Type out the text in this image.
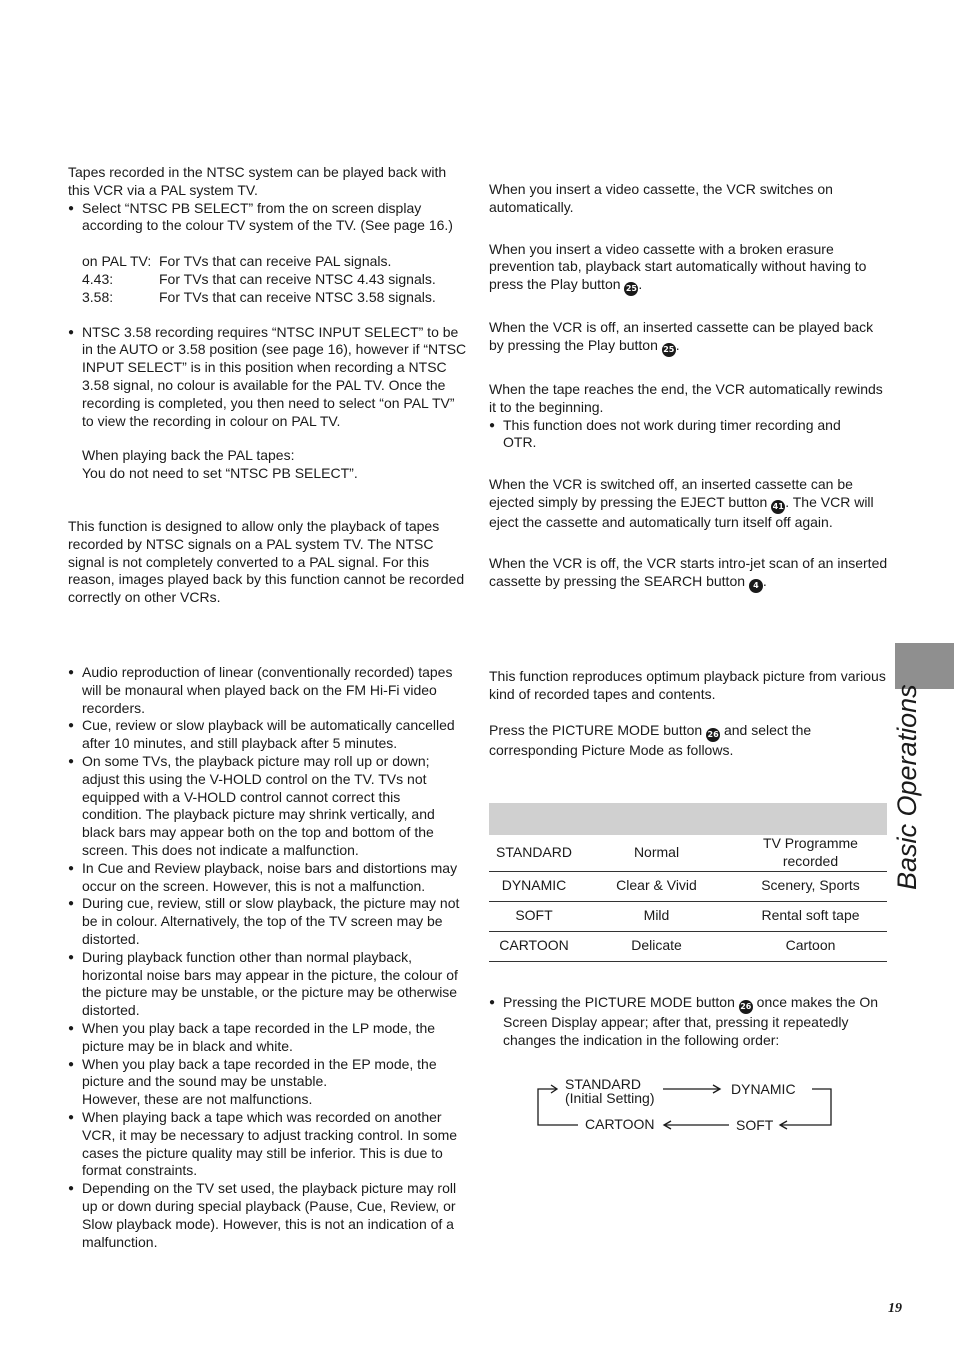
Tapes recorded in the NTSC system can be played back with this VCR via a PAL system TV.

● Select “NTSC PB SELECT” from the on screen display according to the colour TV system of the TV. (See page 16.)

on PAL TV: For TVs that can receive PAL signals.
4.43:	For TVs that can receive NTSC 4.43 signals.
3.58:	For TVs that can receive NTSC 3.58 signals.

● NTSC 3.58 recording requires “NTSC INPUT SELECT” to be in the AUTO or 3.58 position (see page 16), however if “NTSC INPUT SELECT” is in this position when recording a NTSC 3.58 signal, no colour is available for the PAL TV. Once the recording is completed, you then need to select “on PAL TV” to view the recording in colour on PAL TV.

When playing back the PAL tapes:

You do not need to set “NTSC PB SELECT”.

This function is designed to allow only the playback of tapes recorded by NTSC signals on a PAL system TV. The NTSC signal is not completely converted to a PAL signal. For this reason, images played back by this function cannot be recorded correctly on other VCRs.

● Audio reproduction of linear (conventionally recorded) tapes will be monaural when played back on the FM Hi-Fi video recorders.

● Cue, review or slow playback will be automatically cancelled after 10 minutes, and still playback after 5 minutes.

● On some TVs, the playback picture may roll up or down; adjust this using the V-HOLD control on the TV. TVs not equipped with a V-HOLD control cannot correct this condition. The playback picture may shrink vertically, and black bars may appear both on the top and bottom of the screen. This does not indicate a malfunction.

● In Cue and Review playback, noise bars and distortions may occur on the screen. However, this is not a malfunction.

● During cue, review, still or slow playback, the picture may not be in colour. Alternatively, the top of the TV screen may be distorted.

● During playback function other than normal playback, horizontal noise bars may appear in the picture, the colour of the picture may be unstable, or the picture may be otherwise distorted.

● When you play back a tape recorded in the LP mode, the picture may be in black and white.

● When you play back a tape recorded in the EP mode, the picture and the sound may be unstable.

However, these are not malfunctions.

● When playing back a tape which was recorded on another VCR, it may be necessary to adjust tracking control. In some cases the picture quality may still be inferior. This is due to format constraints.

● Depending on the TV set used, the playback picture may roll up or down during special playback (Pause, Cue, Review, or Slow playback mode). However, this is not an indication of a malfunction.

When you insert a video cassette, the VCR switches on automatically.

When you insert a video cassette with a broken erasure prevention tab, playback start automatically without having to press the Play button 25.

When the VCR is off, an inserted cassette can be played back by pressing the Play button 25.

When the tape reaches the end, the VCR automatically rewinds it to the beginning.

● This function does not work during timer recording and OTR.

When the VCR is switched off, an inserted cassette can be ejected simply by pressing the EJECT button 41. The VCR will eject the cassette and automatically turn itself off again.

When the VCR is off, the VCR starts intro-jet scan of an inserted cassette by pressing the SEARCH button 4 .

This function reproduces optimum playback picture from various kind of recorded tapes and contents.

Press the PICTURE MODE button 26 and select the corresponding Picture Mode as follows.

STANDARD	Normal	TV Programme recorded
DYNAMIC	Clear & Vivid	Scenery, Sports
SOFT	Mild	Rental soft tape
CARTOON	Delicate	Cartoon

● Pressing the PICTURE MODE button 26 once makes the On Screen Display appear; after that, pressing it repeatedly changes the indication in the following order:

STANDARD
(Initial Setting)
DYNAMIC
SOFT
CARTOON
Basic Operations
19
